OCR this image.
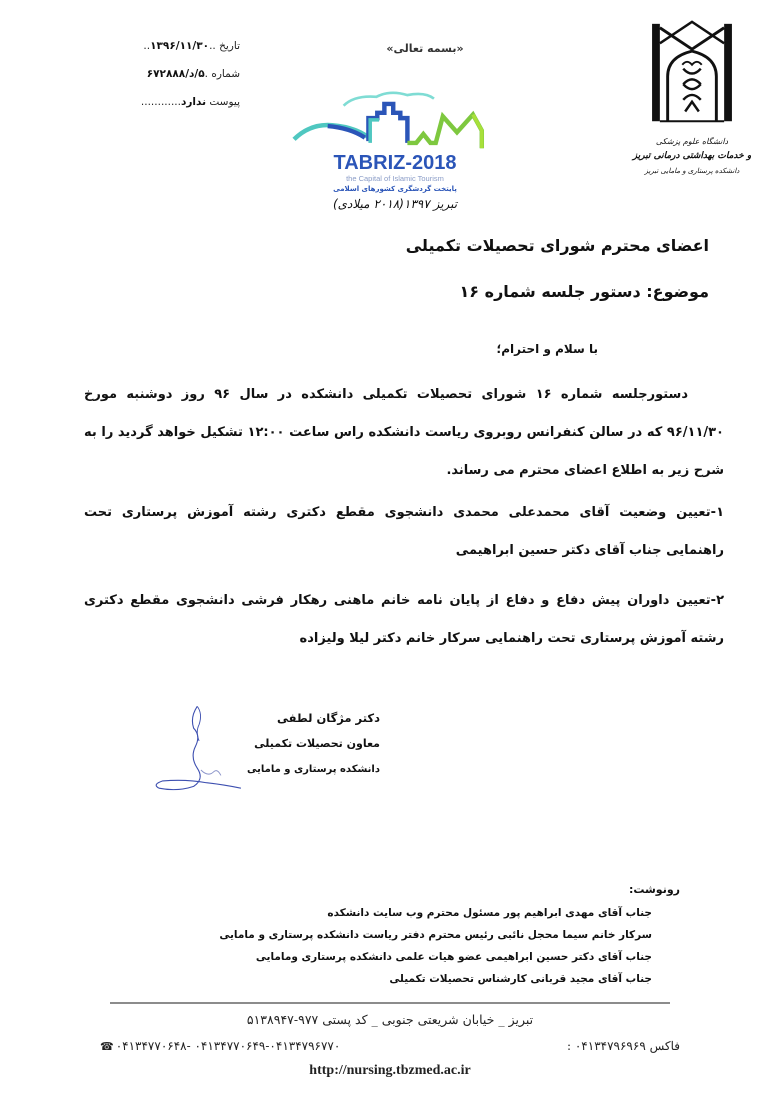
تاریخ ..۱۳۹۶/۱۱/۳۰..
شماره .۵/د/۶۷۲۸۸۸
پیوست ندارد............
«بسمه تعالی»
TABRIZ-2018
the Capital of Islamic Tourism
پایتخت گردشگری کشورهای اسلامی
تبریز ۱۳۹۷(۲۰۱۸ میلادی)
دانشگاه علوم پزشکی
و خدمات بهداشتی درمانی تبریز
دانشکده پرستاری و مامایی تبریز
اعضای محترم شورای تحصیلات تکمیلی
موضوع: دستور جلسه شماره ۱۶
با سلام و احترام؛

دستورجلسه شماره ۱۶ شورای تحصیلات تکمیلی دانشکده در سال ۹۶ روز دوشنبه مورخ ۹۶/۱۱/۳۰ که در سالن کنفرانس روبروی ریاست دانشکده راس ساعت ۱۲:۰۰ تشکیل خواهد گردید را به شرح زیر به اطلاع اعضای محترم می رساند.

۱-تعیین وضعیت آقای محمدعلی محمدی دانشجوی مقطع دکتری رشته آموزش پرستاری تحت راهنمایی جناب آقای دکتر حسین ابراهیمی

۲-تعیین داوران پیش دفاع و دفاع از پایان نامه خانم ماهنی رهکار فرشی دانشجوی مقطع دکتری رشته آموزش پرستاری تحت راهنمایی سرکار خانم دکتر لیلا ولیزاده

دکتر مژگان لطفی
معاون تحصیلات تکمیلی
دانشکده پرستاری و مامایی
رونوشت:
جناب آقای مهدی ابراهیم پور مسئول محترم وب سایت دانشکده
سرکار خانم سیما محجل نائبی رئیس محترم دفتر ریاست دانشکده پرستاری و مامایی
جناب آقای دکتر حسین ابراهیمی عضو هیات علمی دانشکده پرستاری ومامایی
جناب آقای مجید قربانی کارشناس تحصیلات تکمیلی
تبریز _ خیابان شریعتی جنوبی _ کد پستی ۹۷۷-۵۱۳۸۹۴۷
☎ ۰۴۱۳۴۷۷۰۶۴۸- ۰۴۱۳۴۷۷۰۶۴۹-۰۴۱۳۴۷۹۶۷۷۰	: فاکس ۰۴۱۳۴۷۹۶۹۶۹
http://nursing.tbzmed.ac.ir
